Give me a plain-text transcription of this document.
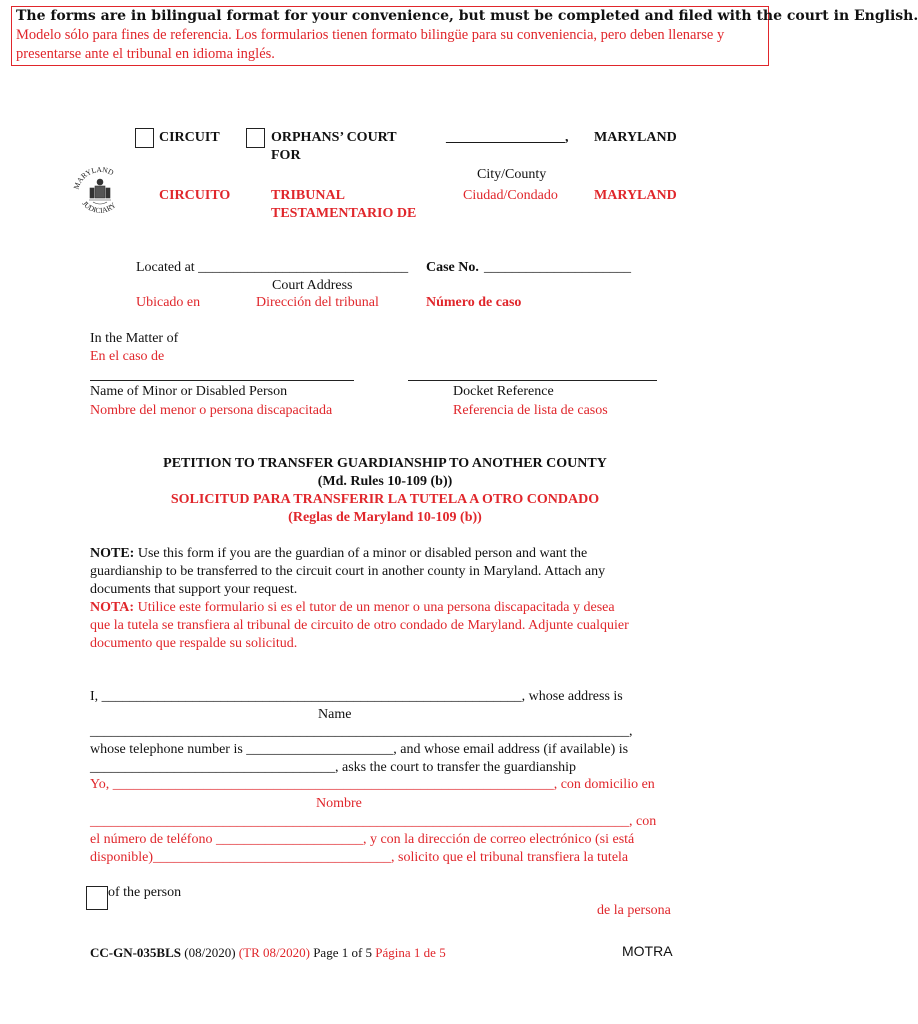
The forms are in bilingual format for your convenience, but must be completed and filed with the court in English.
Modelo sólo para fines de referencia. Los formularios tienen formato bilingüe para su conveniencia, pero deben llenarse y
presentarse ante el tribunal en idioma inglés.
MARYLAND
JUDICIARY
CIRCUIT	ORPHANS’ COURT
FOR
_________________, MARYLAND
City/County
CIRCUITO	TRIBUNAL
TESTAMENTARIO DE
Ciudad/Condado	MARYLAND
Located at ______________________________ Case No. _____________________
Court Address
Ubicado en	Dirección del tribunal	Número de caso
In the Matter of
En el caso de
Name of Minor or Disabled Person	Docket Reference
Nombre del menor o persona discapacitada	Referencia de lista de casos
PETITION TO TRANSFER GUARDIANSHIP TO ANOTHER COUNTY
(Md. Rules 10-109 (b))
SOLICITUD PARA TRANSFERIR LA TUTELA A OTRO CONDADO
(Reglas de Maryland 10-109 (b))
NOTE: Use this form if you are the guardian of a minor or disabled person and want the
guardianship to be transferred to the circuit court in another county in Maryland. Attach any
documents that support your request.
NOTA: Utilice este formulario si es el tutor de un menor o una persona discapacitada y desea
que la tutela se transfiera al tribunal de circuito de otro condado de Maryland. Adjunte cualquier
documento que respalde su solicitud.
I, ____________________________________________________________, whose address is
Name
_____________________________________________________________________________,
whose telephone number is _____________________, and whose email address (if available) is
___________________________________, asks the court to transfer the guardianship
Yo, _______________________________________________________________, con domicilio en
Nombre
_____________________________________________________________________________, con
el número de teléfono _____________________, y con la dirección de correo electrónico (si está
disponible)__________________________________, solicito que el tribunal transfiera la tutela
of the person
de la persona
CC-GN-035BLS (08/2020) (TR 08/2020) Page 1 of 5 Página 1 de 5	MOTRA
